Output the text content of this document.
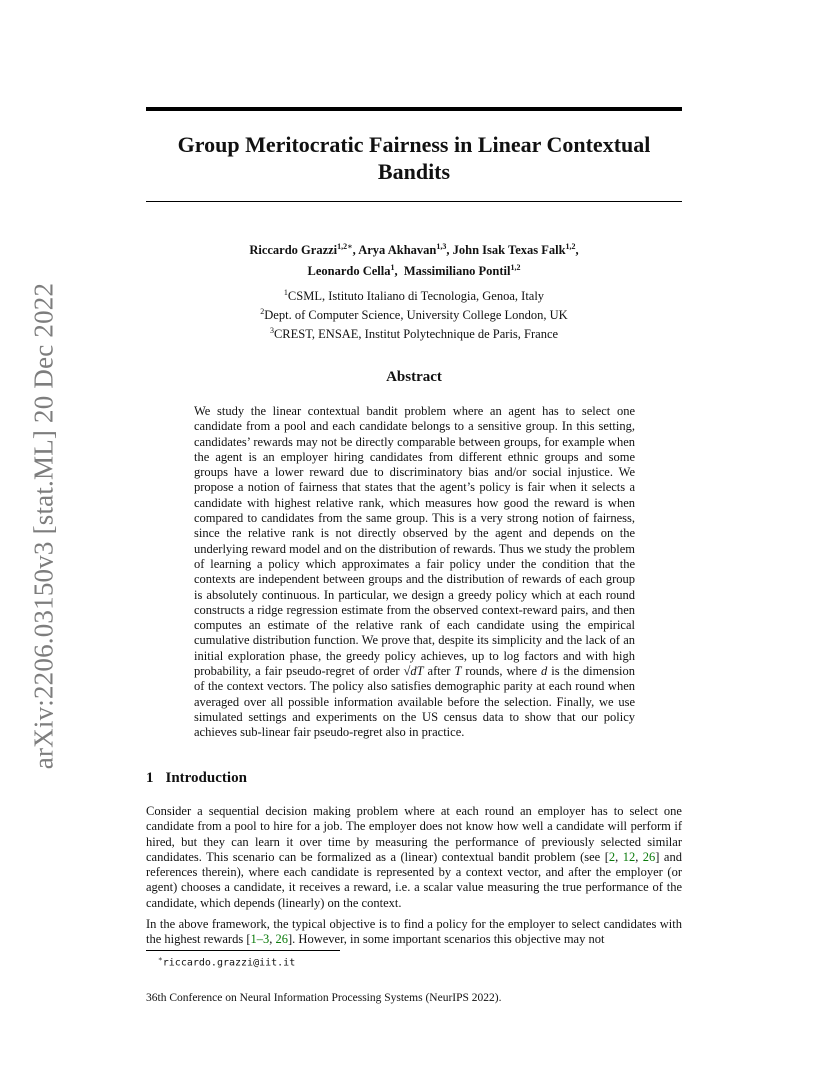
arXiv:2206.03150v3 [stat.ML] 20 Dec 2022
Group Meritocratic Fairness in Linear Contextual Bandits
Riccardo Grazzi$^{1,2∗}$, Arya Akhavan$^{1,3}$, John Isak Texas Falk$^{1,2}$,
Leonardo Cella$^1$,  Massimiliano Pontil$^{1,2}$
$^1$CSML, Istituto Italiano di Tecnologia, Genoa, Italy
$^2$Dept. of Computer Science, University College London, UK
$^3$CREST, ENSAE, Institut Polytechnique de Paris, France
Abstract

We study the linear contextual bandit problem where an agent has to select one candidate from a pool and each candidate belongs to a sensitive group. In this setting, candidates’ rewards may not be directly comparable between groups, for example when the agent is an employer hiring candidates from different ethnic groups and some groups have a lower reward due to discriminatory bias and/or social injustice. We propose a notion of fairness that states that the agent’s policy is fair when it selects a candidate with highest relative rank, which measures how good the reward is when compared to candidates from the same group. This is a very strong notion of fairness, since the relative rank is not directly observed by the agent and depends on the underlying reward model and on the distribution of rewards. Thus we study the problem of learning a policy which approximates a fair policy under the condition that the contexts are independent between groups and the distribution of rewards of each group is absolutely continuous. In particular, we design a greedy policy which at each round constructs a ridge regression estimate from the observed context-reward pairs, and then computes an estimate of the relative rank of each candidate using the empirical cumulative distribution function. We prove that, despite its simplicity and the lack of an initial exploration phase, the greedy policy achieves, up to log factors and with high probability, a fair pseudo-regret of order √dT after T rounds, where d is the dimension of the context vectors. The policy also satisfies demographic parity at each round when averaged over all possible information available before the selection. Finally, we use simulated settings and experiments on the US census data to show that our policy achieves sub-linear fair pseudo-regret also in practice.

1 Introduction

Consider a sequential decision making problem where at each round an employer has to select one candidate from a pool to hire for a job. The employer does not know how well a candidate will perform if hired, but they can learn it over time by measuring the performance of previously selected similar candidates. This scenario can be formalized as a (linear) contextual bandit problem (see [2, 12, 26] and references therein), where each candidate is represented by a context vector, and after the employer (or agent) chooses a candidate, it receives a reward, i.e. a scalar value measuring the true performance of the candidate, which depends (linearly) on the context.

In the above framework, the typical objective is to find a policy for the employer to select candidates with the highest rewards [1–3, 26]. However, in some important scenarios this objective may not

∗riccardo.grazzi@iit.it
36th Conference on Neural Information Processing Systems (NeurIPS 2022).
